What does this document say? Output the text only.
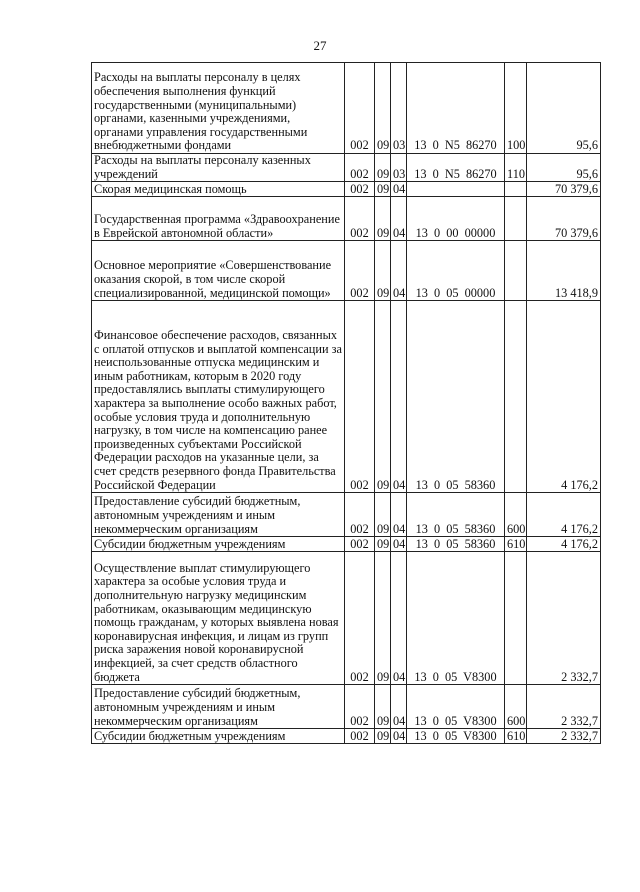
27
Расходы на выплаты персоналу в целях обеспечения выполнения функций государственными (муниципальными) органами, казенными учреждениями, органами управления государственными внебюджетными фондами	002	09	03	13 0 N5 86270	100	95,6
Расходы на выплаты персоналу казенных учреждений	002	09	03	13 0 N5 86270	110	95,6
Скорая медицинская помощь	002	09	04			70 379,6
Государственная программа «Здравоохранение в Еврейской автономной области»	002	09	04	13 0 00 00000		70 379,6
Основное мероприятие «Совершенствование оказания скорой, в том числе скорой специализированной, медицинской помощи»	002	09	04	13 0 05 00000		13 418,9
Финансовое обеспечение расходов, связанных с оплатой отпусков и выплатой компенсации за неиспользованные отпуска медицинским и иным работникам, которым в 2020 году предоставлялись выплаты стимулирующего характера за выполнение особо важных работ, особые условия труда и дополнительную нагрузку, в том числе на компенсацию ранее произведенных субъектами Российской Федерации расходов на указанные цели, за счет средств резервного фонда Правительства Российской Федерации	002	09	04	13 0 05 58360		4 176,2
Предоставление субсидий бюджетным, автономным учреждениям и иным некоммерческим организациям	002	09	04	13 0 05 58360	600	4 176,2
Субсидии бюджетным учреждениям	002	09	04	13 0 05 58360	610	4 176,2
Осуществление выплат стимулирующего характера за особые условия труда и дополнительную нагрузку медицинским работникам, оказывающим медицинскую помощь гражданам, у которых выявлена новая коронавирусная инфекция, и лицам из групп риска заражения новой коронавирусной инфекцией, за счет средств областного бюджета	002	09	04	13 0 05 V8300		2 332,7
Предоставление субсидий бюджетным, автономным учреждениям и иным некоммерческим организациям	002	09	04	13 0 05 V8300	600	2 332,7
Субсидии бюджетным учреждениям	002	09	04	13 0 05 V8300	610	2 332,7
